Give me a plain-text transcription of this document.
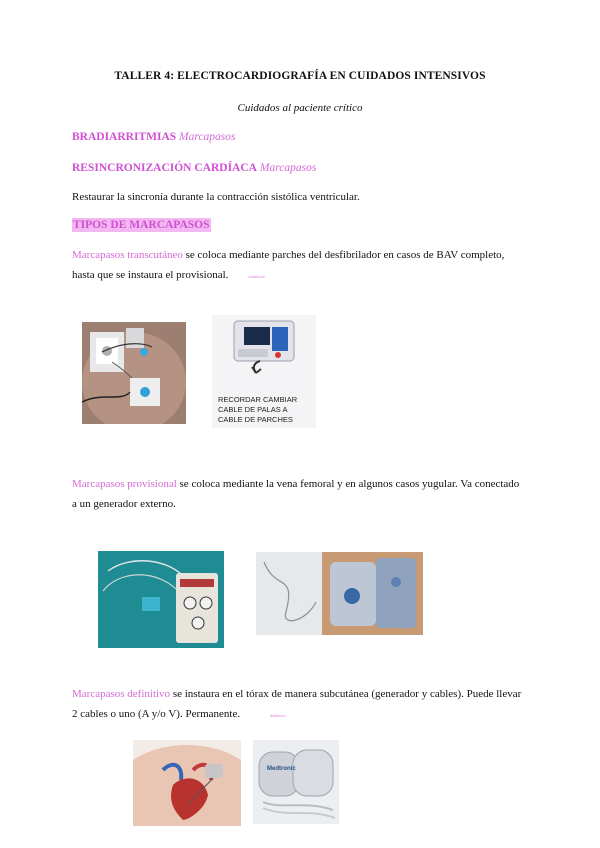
TALLER 4: ELECTROCARDIOGRAFÍA EN CUIDADOS INTENSIVOS
Cuidados al paciente crítico
BRADIARRITMIAS Marcapasos
RESINCRONIZACIÓN CARDÍACA Marcapasos
Restaurar la sincronía durante la contracción sistólica ventricular.
TIPOS DE MARCAPASOS
Marcapasos transcutáneo se coloca mediante parches del desfibrilador en casos de BAV completo,
hasta que se instaura el provisional.	transitorio
RECORDAR CAMBIAR
CABLE DE PALAS A
CABLE DE PARCHES
Marcapasos provisional se coloca mediante la vena femoral y en algunos casos yugular. Va conectado
a un generador externo.
Marcapasos definitivo se instaura en el tórax de manera subcutánea (generador y cables). Puede llevar
2 cables o uno (A y/o V). Permanente.	definitivo
Medtronic
